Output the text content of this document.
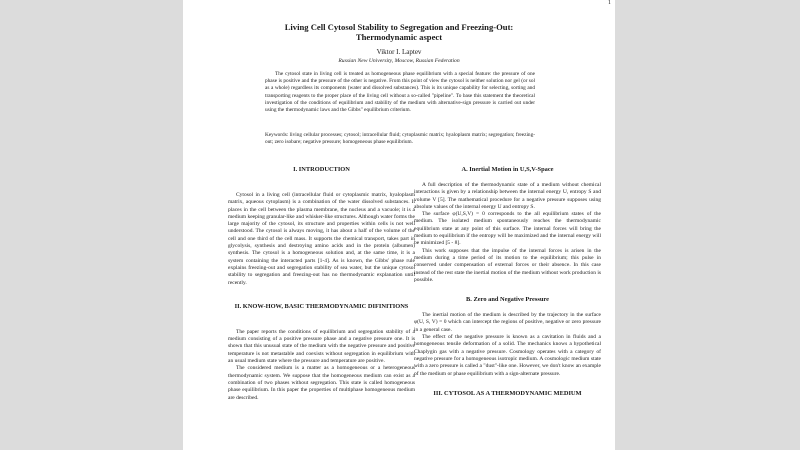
1
Living Cell Cytosol Stability to Segregation and Freezing-Out:
Thermodynamic aspect
Viktor I. Laptev
Russian New University, Moscow, Russian Federation

The cytosol state in living cell is treated as homogeneous phase equilibrium with a special feature: the pressure of one phase is positive and the pressure of the other is negative. From this point of view the cytosol is neither solution nor gel (or sol as a whole) regardless its components (water and dissolved substances). This is its unique capability for selecting, sorting and transporting reagents to the proper place of the living cell without a so-called "pipeline". To base this statement the theoretical investigation of the conditions of equilibrium and stability of the medium with alternative-sign pressure is carried out under using the thermodynamic laws and the Gibbs" equilibrium criterium.

Keywords: living cellular processes; cytosol; intracellular fluid; cytoplasmic matrix; hyaloplasm matrix; segregation; freezing-out; zero isobare; negative pressure; homogeneous phase equilibrium.

I. INTRODUCTION

Cytosol in a living cell (intracellular fluid or cytoplasmic matrix, hyaloplasm matrix, aqueous cytoplasm) is a combination of the water dissolved substances. It places in the cell between the plasma membrane, the nucleus and a vacuole; it is a medium keeping granular-like and whisker-like structures. Although water forms the large majority of the cytosol, its structure and properties within cells is not well understood. The cytosol is always moving, it has about a half of the volume of the cell and one third of the cell mass. It supports the chemical transport, takes part in glycolysis, synthesis and destroying amino acids and in the protein (albumen) synthesis. The cytosol is a homogeneous solution and, at the same time, it is a system containing the interacted parts [1-4]. As is known, the Gibbs' phase rule explains freezing-out and segregation stability of sea water, but the unique cytosol stability to segregation and freezing-out has no thermodynamic explanation until recently.

II. KNOW-HOW, BASIC THERMODYNAMIC DIFINITIONS

The paper reports the conditions of equilibrium and segregation stability of a medium consisting of a positive pressure phase and a negative pressure one. It is shown that this unusual state of the medium with the negative pressure and positive temperature is not metastable and coexists without segregation in equilibrium with an usual medium state where the pressure and temperature are positive.

The considered medium is a matter as a homogeneous or a heterogeneous thermodynamic system. We suppose that the homogeneous medium can exist as a combination of two phases without segregation. This state is called homogeneous phase equilibrium. In this paper the properties of multiphase homogeneous medium are described.

A. Inertial Motion in U,S,V-Space

A full description of the thermodynamic state of a medium without chemical interactions is given by a relationship between the internal energy U, entropy S and volume V [5]. The mathematical procedure for a negative pressure supposes using absolute values of the internal energy U and entropy S.

The surface φ(U,S,V) = 0 corresponds to the all equilibrium states of the medium. The isolated medium spontaneously reaches the thermodynamic equilibrium state at any point of this surface. The internal forces will bring the medium to equilibrium if the entropy will be maximized and the internal energy will be minimized [5 - 8].

This work supposes that the impulse of the internal forces is arisen in the medium during a time period of its motion to the equilibrium; this pulse in conserved under compensation of external forces or their absence. In this case instead of the rest state the inertial motion of the medium without work production is possible.

B. Zero and Negative Pressure

The inertial motion of the medium is described by the trajectory in the surface φ(U, S, V) = 0 which can intercept the regions of positive, negative or zero pressure in a general case.

The effect of the negative pressure is known as a cavitation in fluids and a homogeneous tensile deformation of a solid. The mechanics knows a hypothetical Chaplygin gas with a negative pressure. Cosmology operates with a category of negative pressure for a homogeneous isotropic medium. A cosmologic medium state with a zero pressure is called a "dust"-like one. However, we don't know an example of the medium or phase equilibrium with a sign-alternate pressure.

III. CYTOSOL AS A THERMODYNAMIC MEDIUM
